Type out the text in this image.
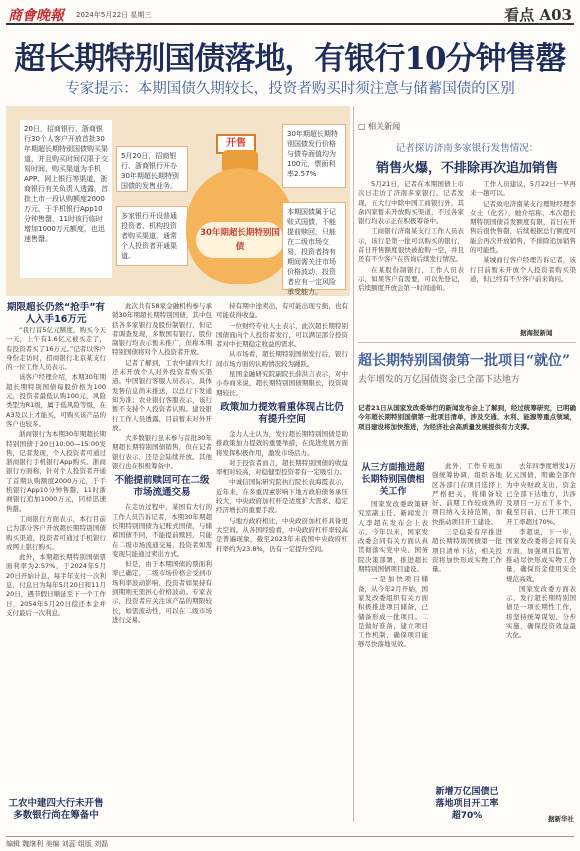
商會晚報 2024年5月22日 星期三	看点 A03
超长期特别国债落地，有银行10分钟售罄
专家提示：本期国债久期较长，投资者购买时须注意与储蓄国债的区别
20日，招商银行、浙商银行30个人客户开放首批30年期超长期特别国债购买渠道，并且购买时间仅限于交易时间，购买渠道为手机APP、网上银行等渠道，浙商银行有关负责人透露，首批上市一段认购额度2000万元，于手机银行App10分钟售罄，11时该行临时增加1000万元额度，也迅速售罄。
5月20日，招商银行、浙商银行开办30年期超长期特别国债的发售业务。
多家银行开设普通投资者、机构投资者购买渠道，通常个人投资者开通渠道。
开售
30年期超长期特别国债
30年期超长期特别国债发行价格与债券面值均为100元，票面利率2.57%
本期国债属于记账式国债，不能提前赎回，只能在二级市场交易，投资者持有期间需关注市场价格波动，投资者应有一定风险承受能力。
期限超长仍然“抢手”有人入手16万元

“我行首5亿元额度，购买今天一天，上午有1.6亿元被买走了，有投资者买了16万元。”记者以客户身份走访时，招商银行北京某支行的一位工作人员表示。

该客户经理介绍，本期30年期超长期特别国债每股价格为100元，投资者最低认购100元，风险类型为R1级，属于低风险等级，在A3及以上才能买，可购买该产品的客户也较多。

浙商银行为本期30年期超长期特别国债于20日10:00—15:00发售，记者发现，个人投资者可通过浙商银行手机银行App购买。浙商银行方面称，针对个人投资者开通了首期认购额度2000万元，于手机银行App10分钟售罄，11时浙商银行追加1000万元，同样迅速售罄。

工商银行方面表示，本行目前已为部分客户开放超长期特别国债购买渠道，投资者可通过手机银行或网上银行购买。

此外，本期超长期特别国债票面利率为2.57%，于2024年5月20日开始计息，每半年支付一次利息，付息日为每年5月20日和11月20日，遇节假日顺延至下一个工作日，2054年5月20日偿还本金并支付最后一次利息。

工农中建四大行未开售多数银行尚在筹备中

此次共有58家金融机构参与承销30年期超长期特别国债，其中包括各多家银行及股份制银行，但记者调查发现，多数国有银行、股份制银行均表示暂未推广，但称本期特别国债将对个人投资者开放。

记者了解到，工农中建四大行还未开放个人对外投资者购买渠道。中国银行客服人员表示，具体发售信息尚未推送，以总行下发通知为准；农业银行客服表示，该行暂不支持个人投资者认购。建设银行工作人员透露，目前暂未对外开放。

大多数银行虽未参与首批30年期超长期特别国债销售，但在记者银行表示，还是会陆续开放。其他银行也在积极筹备中。

不能提前赎回可在二级市场流通交易

在走访过程中，某国有大行的工作人员告诉记者，本期30年期超长期特别国债为记账式国债，与储蓄国债不同，不能提前赎回，只能在二级市场流通交易，投资者如需变现只能通过卖出方式。

但是，由于本期国债的票面利率已确定，二级市场价格会受到市场利率波动影响，投资者如果持有到期则无需担心价格波动。专家表示，投资者应关注该产品的期限较长，如需流动性，可以在二级市场进行交易。

持有期中途卖出，有可能出现亏损，也有可能获得收益。

一位财经专业人士表示，此次超长期特别国债面向个人投资者发行，可以满足部分投资者对中长期稳定收益的需求。

从市场看，超长期特别国债发行后，银行间市场方面的认购情况较为踊跃。

星图金融研究院副院长薛洪言表示，对中小券商来说，超长期特别国债期限长，投资周期较长。

政策加力提效看重体现占比仍有提升空间

金力人士认为，发行超长期特别国债是助推政策加力提效的重要举措，在促进发展方面将发挥积极作用，激发市场活力。

对于投资者而言，超长期特别国债的收益率相对较高，对稳健型投资者有一定吸引力。

中诚信国际研究院执行院长袁海霞表示，近年来，在多重因素影响下地方政府债务承压较大，中央政府加杠杆是适度扩大需求、稳定经济增长的重要手段。

与地方政府相比，中央政府加杠杆具备更大空间。从各国经验看，中央政府杠杆率较高是普遍现象，截至2023年末我国中央政府杠杆率约为23.8%，仍有一定提升空间。

▢ 相关新闻
记者探访济南多家银行发售情况：
销售火爆，不排除再次追加销售

5月21日，记者在本期国债上市次日走访了济南多家银行。记者发现，五大行中除中国工商银行外，其余四家暂未开放购买渠道，不过各家银行均表示正在积极筹备中。

工商银行济南某支行工作人员表示，该行是第一批可以购买的银行，首日开售额度很快被抢购一空，并且还有不少客户在咨询后续发行情况。

在某股份制银行，工作人员表示，如果客户有需要，可以先登记，后续额度开放会第一时间通知。

工作人员建议，5月22日一早再来一趟可以。

记者致电济南某支行理财经理李女士（化名），她介绍称，本次超长期特别国债首发额度有限，首日在开售后很快售罄，后续根据总行额度可能会再次开放销售，不排除追加销售的可能性。

某城商行客户经理告诉记者，该行目前暂未开放个人投资者购买渠道，但已经有不少客户前来询问。

据海报新闻
超长期特别国债第一批项目“就位”
去年增发的万亿国债资金已全部下达地方
记者21日从国家发改委举行的新闻发布会上了解到，经过统筹研究，已明确今年超长期特别国债第一批项目清单，涉及交通、水利、能源等重点领域，项目建设将加快推进，为经济社会高质量发展提供有力支撑。
从三方面推进超长期特别国债相关工作

国家发改委政策研究室副主任、新闻发言人李超在发布会上表示，今年以来，国家发改委会同有关方面认真贯彻落实党中央、国务院决策部署，推进超长期特别国债项目建设。

一是加快项目储备，从今年2月开始，国家发改委组织有关方面积极推进项目储备，已储备形成一批项目。二是做好准备，建立项目工作机制，确保项目能够尽快落地见效。

此外，工作专班加强统筹协调，组织各地区各部门在项目选择上严格把关，将储备较好、前期工作较成熟的项目纳入支持范围，加快推动项目开工建设。

三是稳妥有序推进超长期特别国债第一批项目清单下达，相关投资将加快形成实物工作量。

新增万亿国债已落地项目开工率超70%

去年四季度增发1万亿元国债，明确全部作为中央财政支出，资金已全部下达地方，共涉及项目一万五千多个，截至目前，已开工项目开工率超过70%。

李超说，下一步，国家发改委将会同有关方面，加强项目监管，推动尽快形成实物工作量，确保资金使用安全规范高效。

国家发改委方面表示，发行超长期特别国债是一项长期性工作，将坚持统筹谋划、分步实施，确保投资效益最大化。

据新华社
编辑 魏继利 美编 刘蕊 组版 刘磊
